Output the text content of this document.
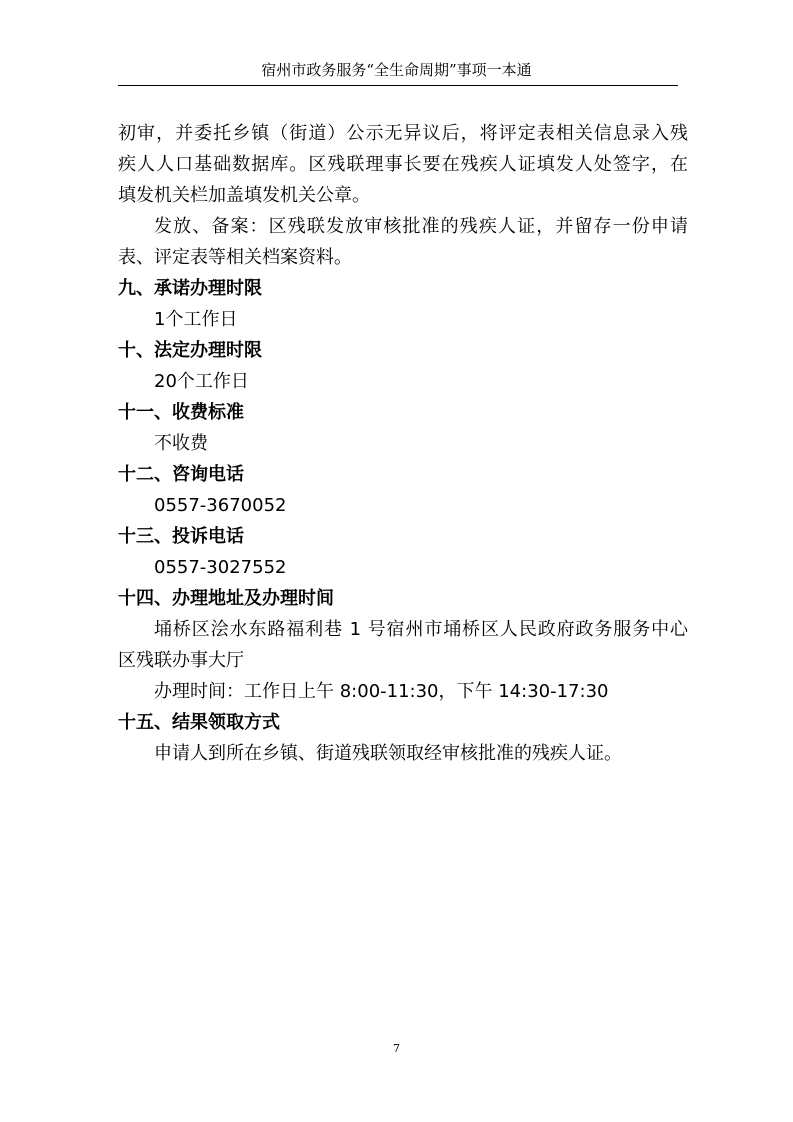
宿州市政务服务“全生命周期”事项一本通
初审，并委托乡镇（街道）公示无异议后，将评定表相关信息录入残
疾人人口基础数据库。区残联理事长要在残疾人证填发人处签字，在
填发机关栏加盖填发机关公章。
发放、备案：区残联发放审核批准的残疾人证，并留存一份申请
表、评定表等相关档案资料。
九、承诺办理时限
1个工作日
十、法定办理时限
20个工作日
十一、收费标准
不收费
十二、咨询电话
0557-3670052
十三、投诉电话
0557-3027552
十四、办理地址及办理时间
埇桥区浍水东路福利巷 1 号宿州市埇桥区人民政府政务服务中心
区残联办事大厅
办理时间：工作日上午 8:00-11:30，下午 14:30-17:30
十五、结果领取方式
申请人到所在乡镇、街道残联领取经审核批准的残疾人证。
7
